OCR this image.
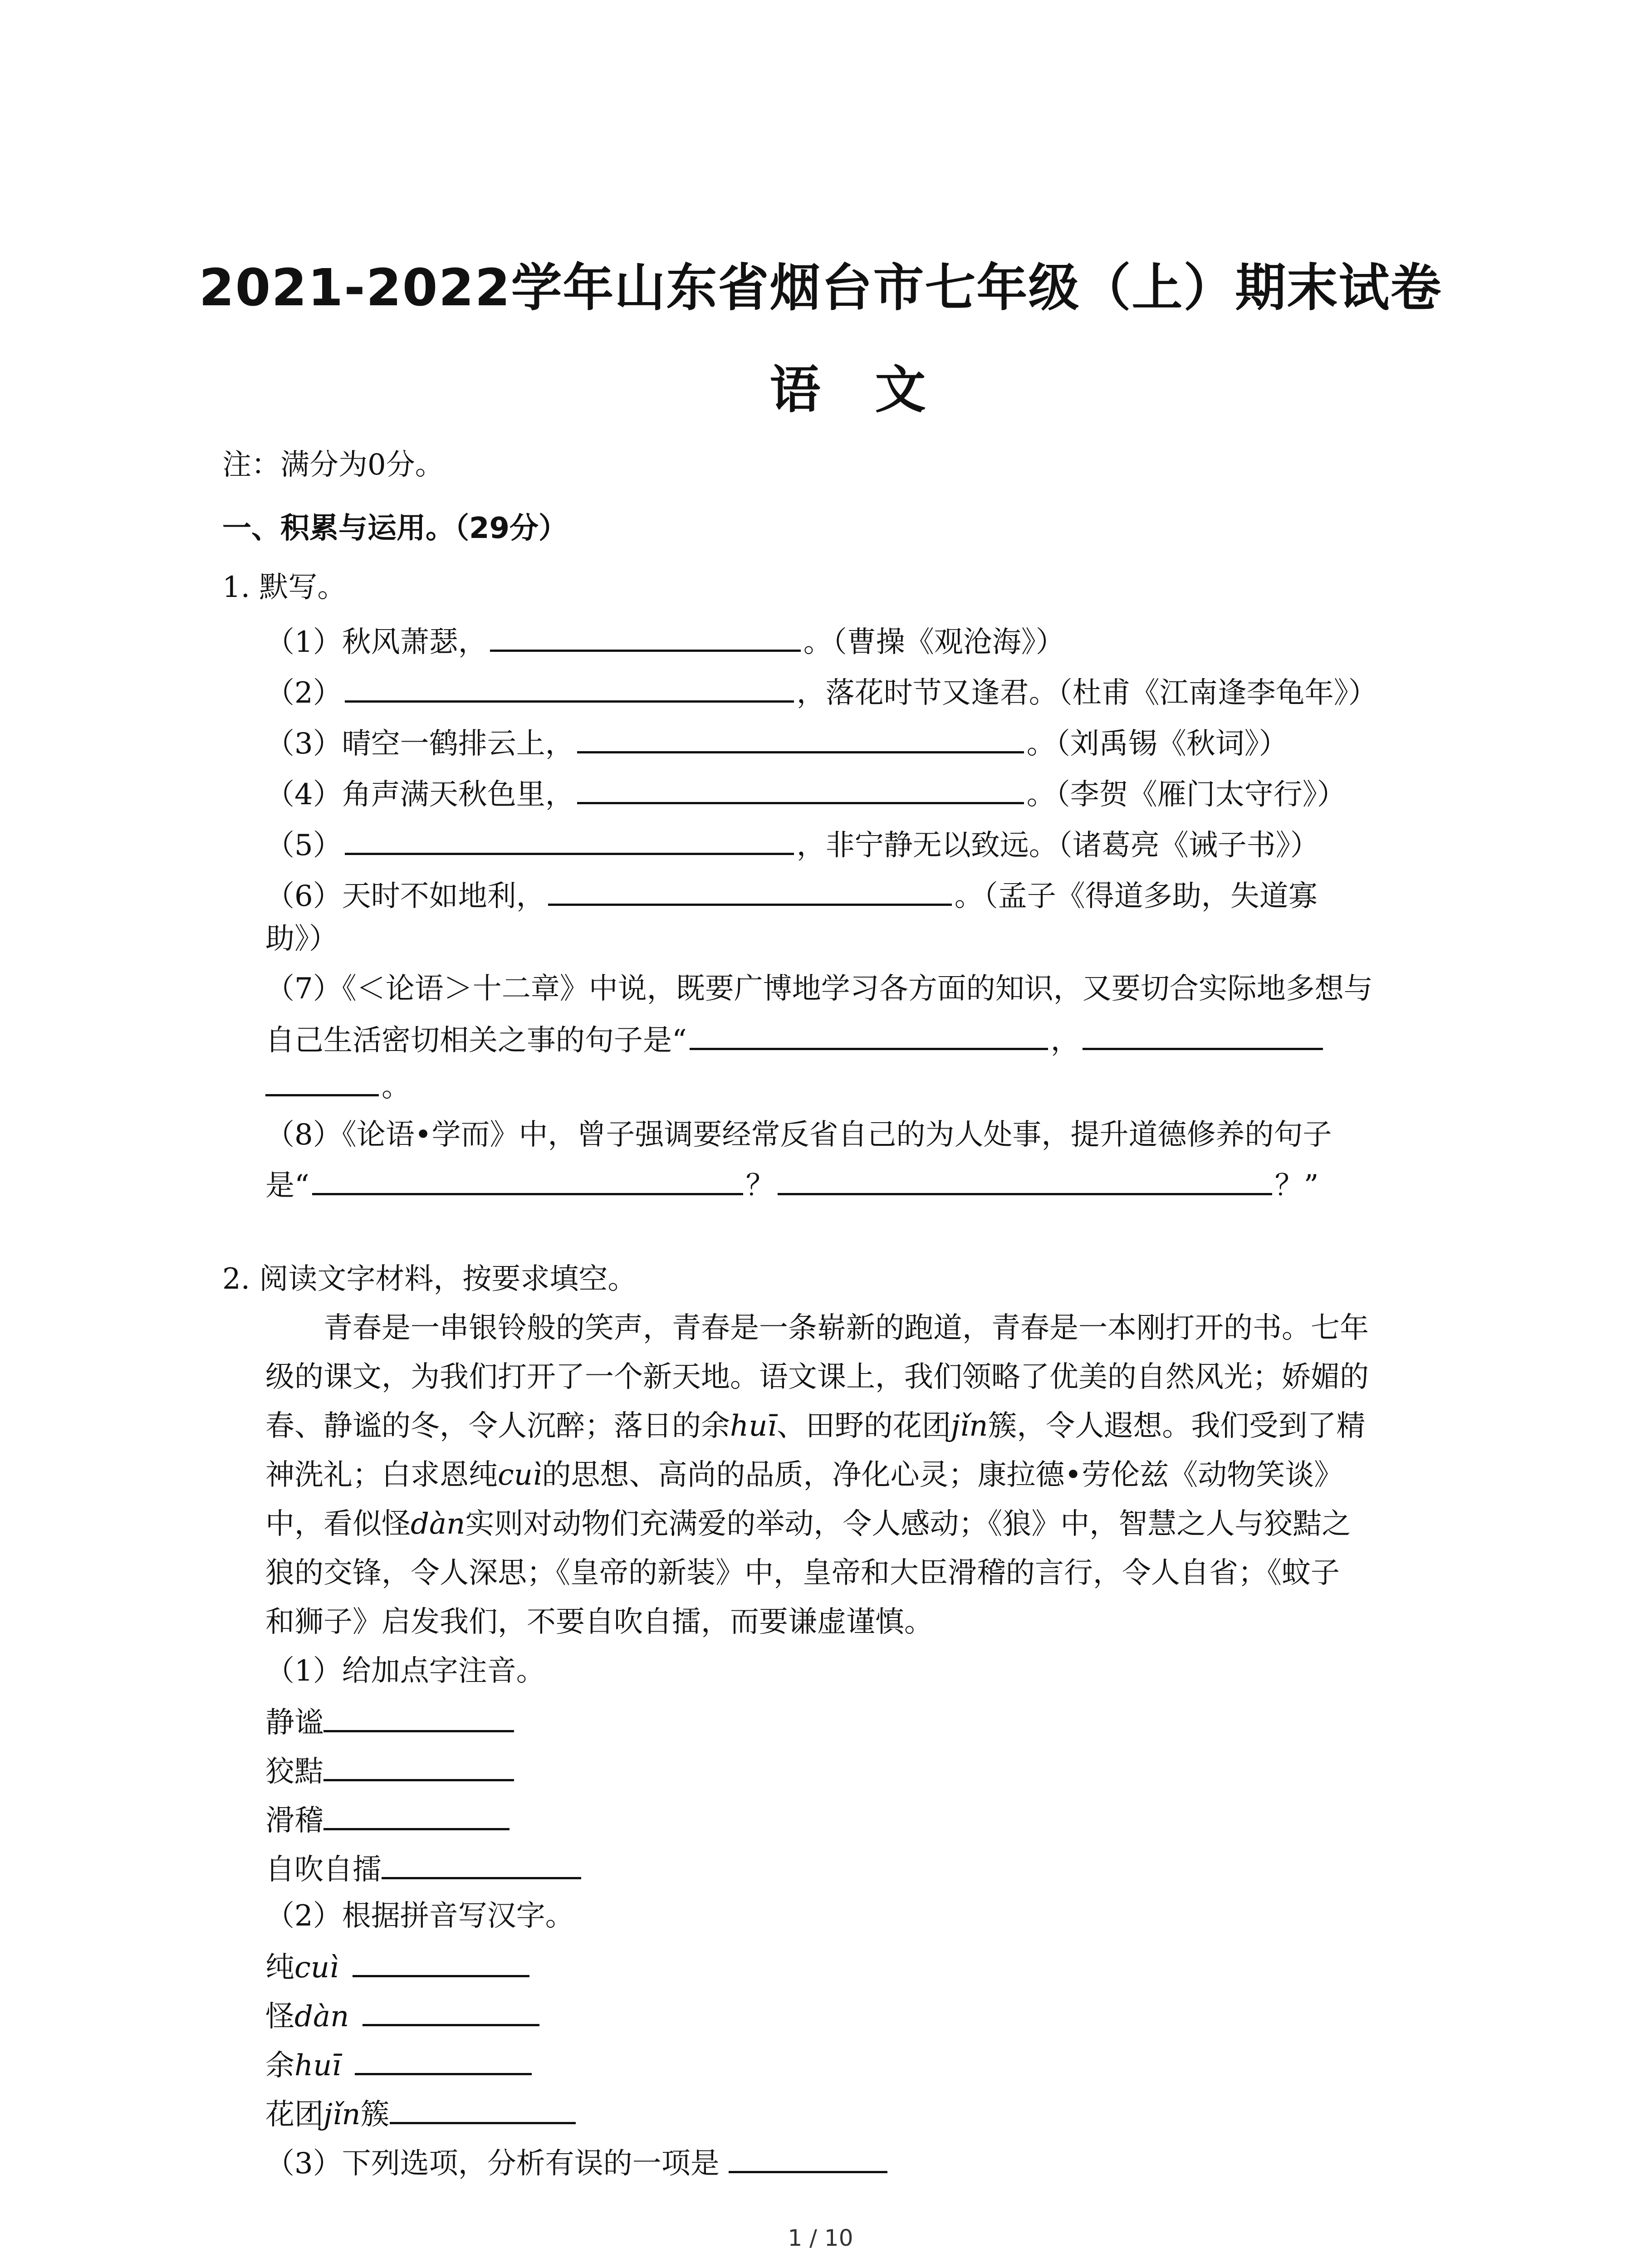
2021-2022学年山东省烟台市七年级（上）期末试卷
语文
注：满分为0分。
一、积累与运用。（29分）
1. 默写。
（1）秋风萧瑟，	。（曹操《观沧海》）
（2）	，落花时节又逢君。（杜甫《江南逢李龟年》）
（3）晴空一鹤排云上，	。（刘禹锡《秋词》）
（4）角声满天秋色里，	。（李贺《雁门太守行》）
（5）	，非宁静无以致远。（诸葛亮《诫子书》）
（6）天时不如地利，	。（孟子《得道多助，失道寡
助》）
（7）《＜论语＞十二章》中说，既要广博地学习各方面的知识，又要切合实际地多想与
自己生活密切相关之事的句子是“	，
。
（8）《论语•学而》中，曾子强调要经常反省自己的为人处事，提升道德修养的句子
是“	？	？”
2. 阅读文字材料，按要求填空。
　　青春是一串银铃般的笑声，青春是一条崭新的跑道，青春是一本刚打开的书。七年
级的课文，为我们打开了一个新天地。语文课上，我们领略了优美的自然风光；娇媚的
春、静谧的冬，令人沉醉；落日的余huī、田野的花团jǐn簇，令人遐想。我们受到了精
神洗礼；白求恩纯cuì的思想、高尚的品质，净化心灵；康拉德•劳伦兹《动物笑谈》
中，看似怪dàn实则对动物们充满爱的举动，令人感动；《狼》中，智慧之人与狡黠之
狼的交锋，令人深思；《皇帝的新装》中，皇帝和大臣滑稽的言行，令人自省；《蚊子
和狮子》启发我们，不要自吹自擂，而要谦虚谨慎。
（1）给加点字注音。
静谧
狡黠
滑稽
自吹自擂
（2）根据拼音写汉字。
纯cuì
怪dàn
余huī
花团jǐn簇
（3）下列选项，分析有误的一项是
1 / 10
